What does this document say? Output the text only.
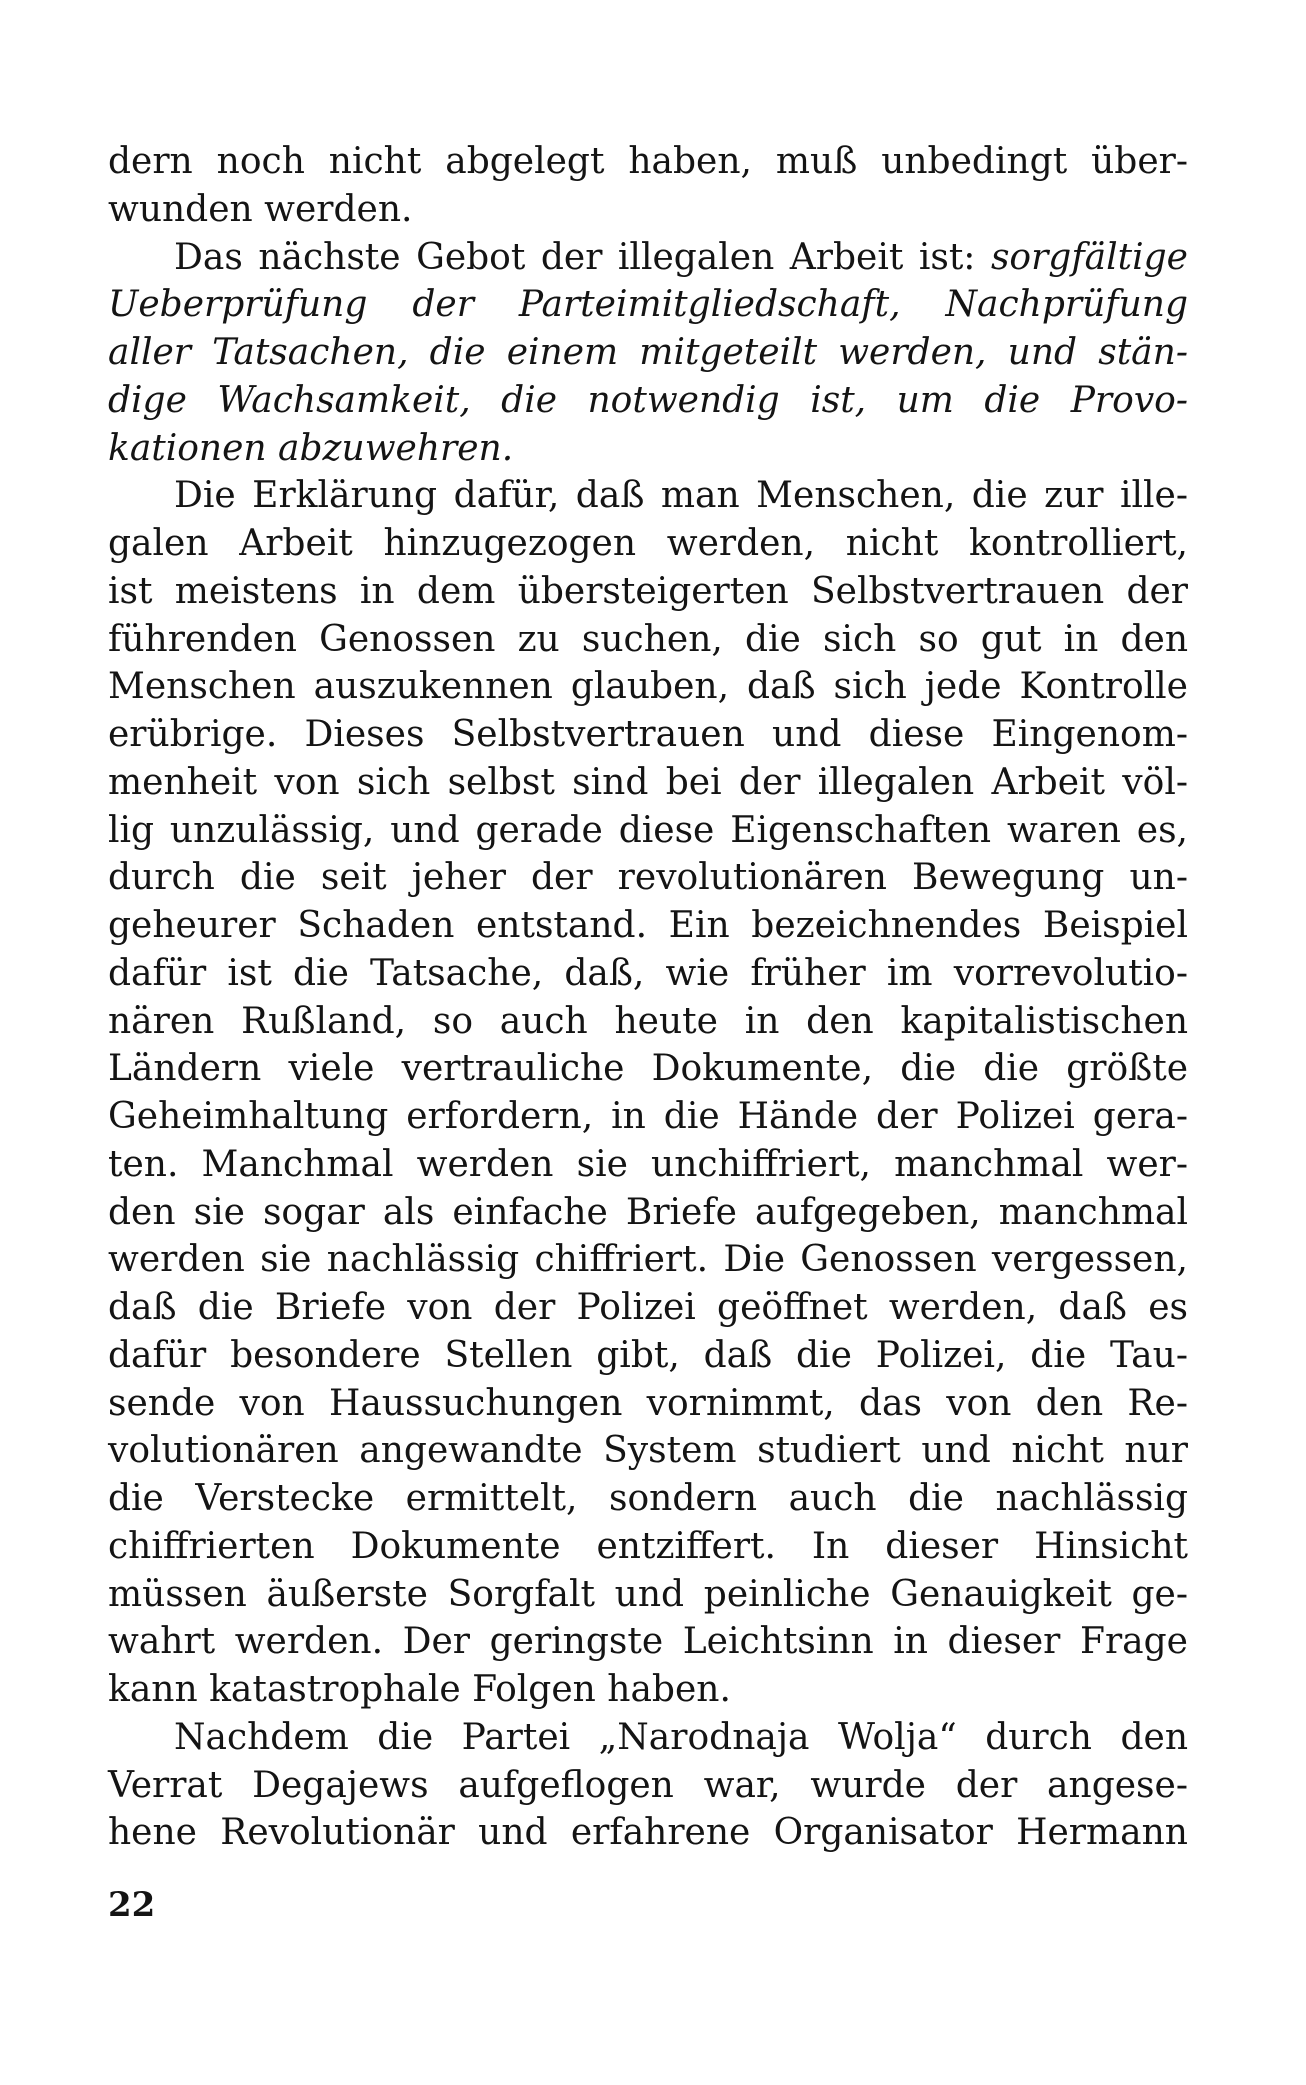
dern noch nicht abgelegt haben, muß unbedingt über-
wunden werden.
Das nächste Gebot der illegalen Arbeit ist: sorgfältige
Ueberprüfung der Parteimitgliedschaft, Nachprüfung
aller Tatsachen, die einem mitgeteilt werden, und stän-
dige Wachsamkeit, die notwendig ist, um die Provo-
kationen abzuwehren.
Die Erklärung dafür, daß man Menschen, die zur ille-
galen Arbeit hinzugezogen werden, nicht kontrolliert,
ist meistens in dem übersteigerten Selbstvertrauen der
führenden Genossen zu suchen, die sich so gut in den
Menschen auszukennen glauben, daß sich jede Kontrolle
erübrige. Dieses Selbstvertrauen und diese Eingenom-
menheit von sich selbst sind bei der illegalen Arbeit völ-
lig unzulässig, und gerade diese Eigenschaften waren es,
durch die seit jeher der revolutionären Bewegung un-
geheurer Schaden entstand. Ein bezeichnendes Beispiel
dafür ist die Tatsache, daß, wie früher im vorrevolutio-
nären Rußland, so auch heute in den kapitalistischen
Ländern viele vertrauliche Dokumente, die die größte
Geheimhaltung erfordern, in die Hände der Polizei gera-
ten. Manchmal werden sie unchiffriert, manchmal wer-
den sie sogar als einfache Briefe aufgegeben, manchmal
werden sie nachlässig chiffriert. Die Genossen vergessen,
daß die Briefe von der Polizei geöffnet werden, daß es
dafür besondere Stellen gibt, daß die Polizei, die Tau-
sende von Haussuchungen vornimmt, das von den Re-
volutionären angewandte System studiert und nicht nur
die Verstecke ermittelt, sondern auch die nachlässig
chiffrierten Dokumente entziffert. In dieser Hinsicht
müssen äußerste Sorgfalt und peinliche Genauigkeit ge-
wahrt werden. Der geringste Leichtsinn in dieser Frage
kann katastrophale Folgen haben.
Nachdem die Partei „Narodnaja Wolja“ durch den
Verrat Degajews aufgeflogen war, wurde der angese-
hene Revolutionär und erfahrene Organisator Hermann
22
